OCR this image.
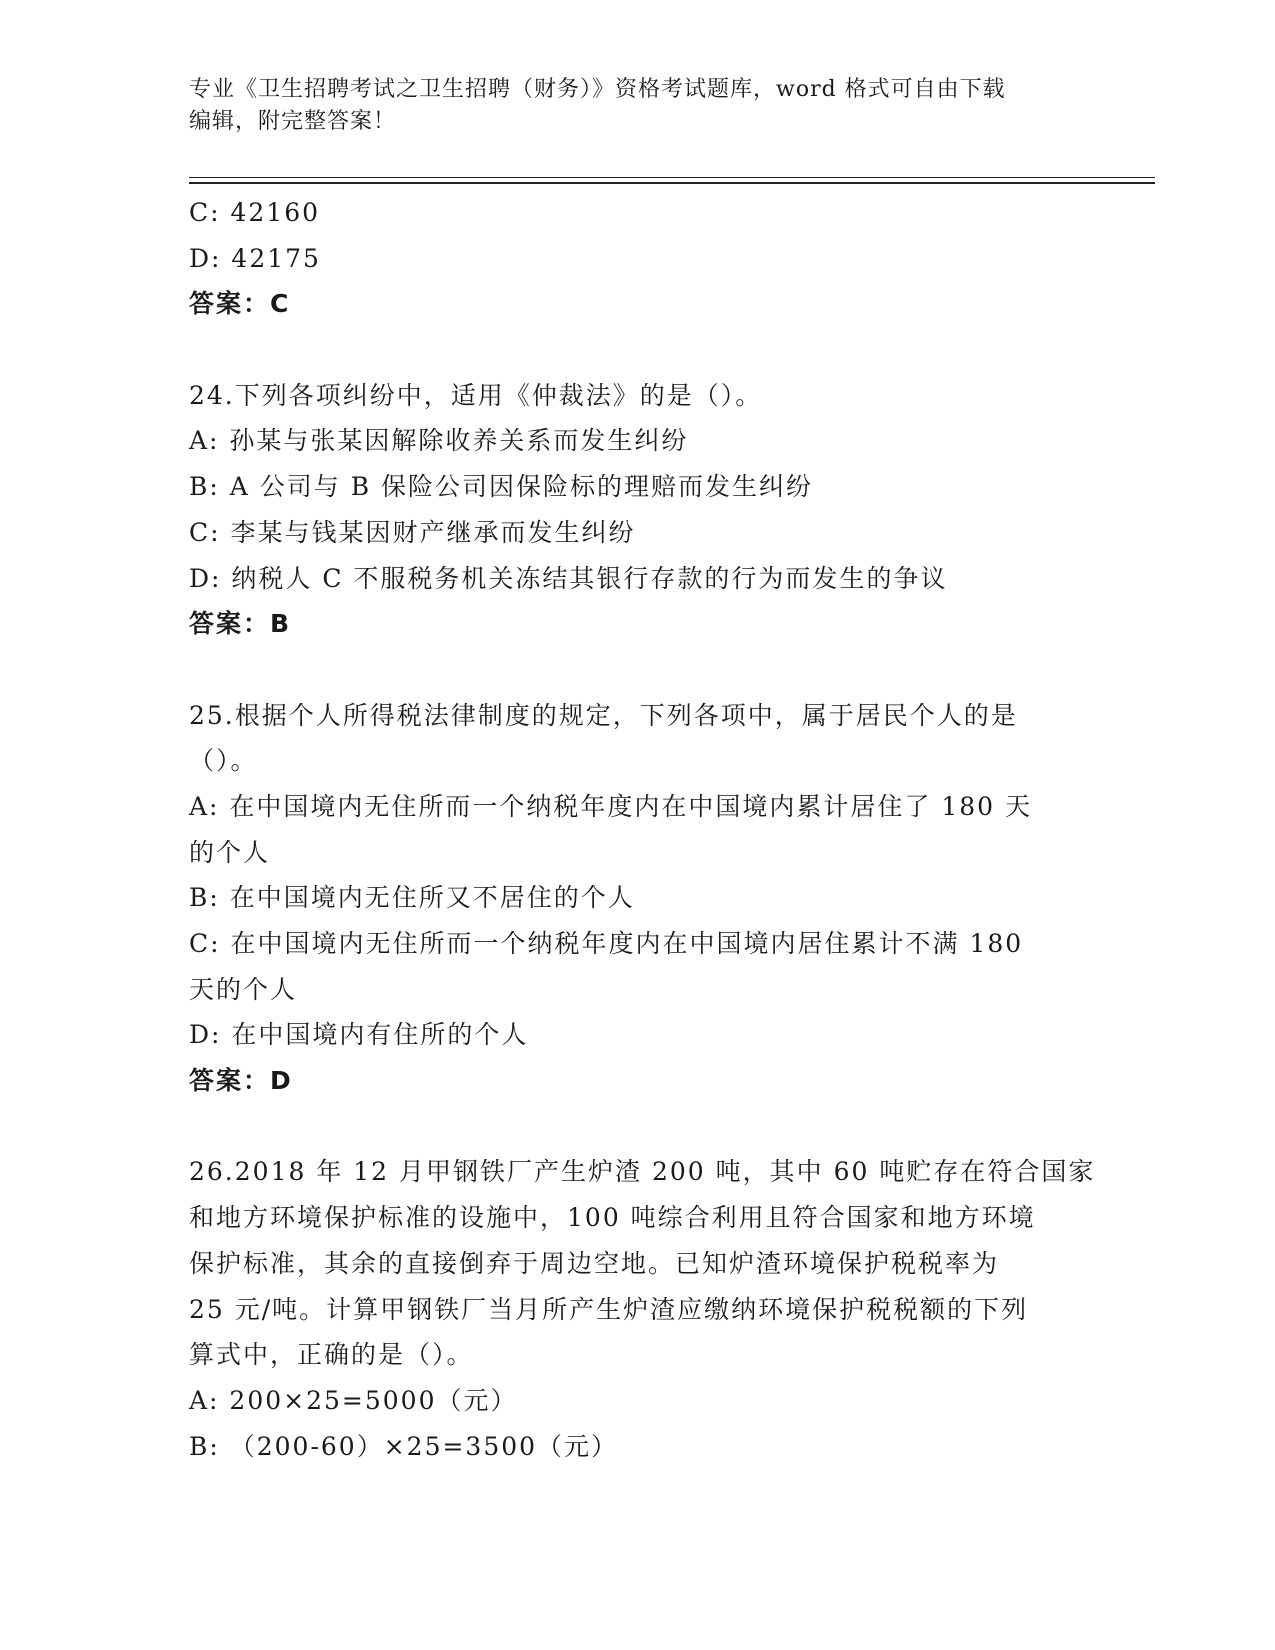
专业《卫生招聘考试之卫生招聘（财务）》资格考试题库，word 格式可自由下载
编辑，附完整答案！
C: 42160
D: 42175
答案：C
24.下列各项纠纷中，适用《仲裁法》的是（）。
A: 孙某与张某因解除收养关系而发生纠纷
B: A 公司与 B 保险公司因保险标的理赔而发生纠纷
C: 李某与钱某因财产继承而发生纠纷
D: 纳税人 C 不服税务机关冻结其银行存款的行为而发生的争议
答案：B
25.根据个人所得税法律制度的规定，下列各项中，属于居民个人的是
（）。
A: 在中国境内无住所而一个纳税年度内在中国境内累计居住了 180 天
的个人
B: 在中国境内无住所又不居住的个人
C: 在中国境内无住所而一个纳税年度内在中国境内居住累计不满 180
天的个人
D: 在中国境内有住所的个人
答案：D
26.2018 年 12 月甲钢铁厂产生炉渣 200 吨，其中 60 吨贮存在符合国家
和地方环境保护标准的设施中，100 吨综合利用且符合国家和地方环境
保护标准，其余的直接倒弃于周边空地。已知炉渣环境保护税税率为
25 元/吨。计算甲钢铁厂当月所产生炉渣应缴纳环境保护税税额的下列
算式中，正确的是（）。
A: 200×25=5000（元）
B: （200-60）×25=3500（元）
